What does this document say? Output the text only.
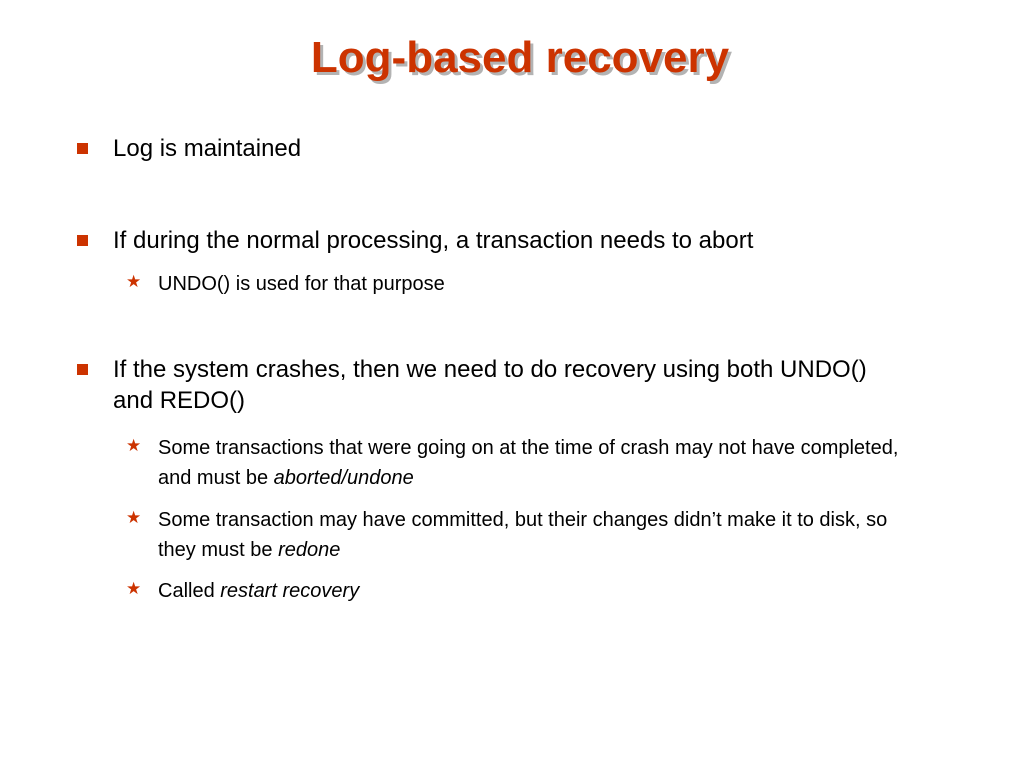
Log-based recovery
Log is maintained
If during the normal processing, a transaction needs to abort
★ UNDO() is used for that purpose
If the system crashes, then we need to do recovery using both UNDO() and REDO()
★ Some transactions that were going on at the time of crash may not have completed, and must be aborted/undone
★ Some transaction may have committed, but their changes didn’t make it to disk, so they must be redone
★ Called restart recovery
